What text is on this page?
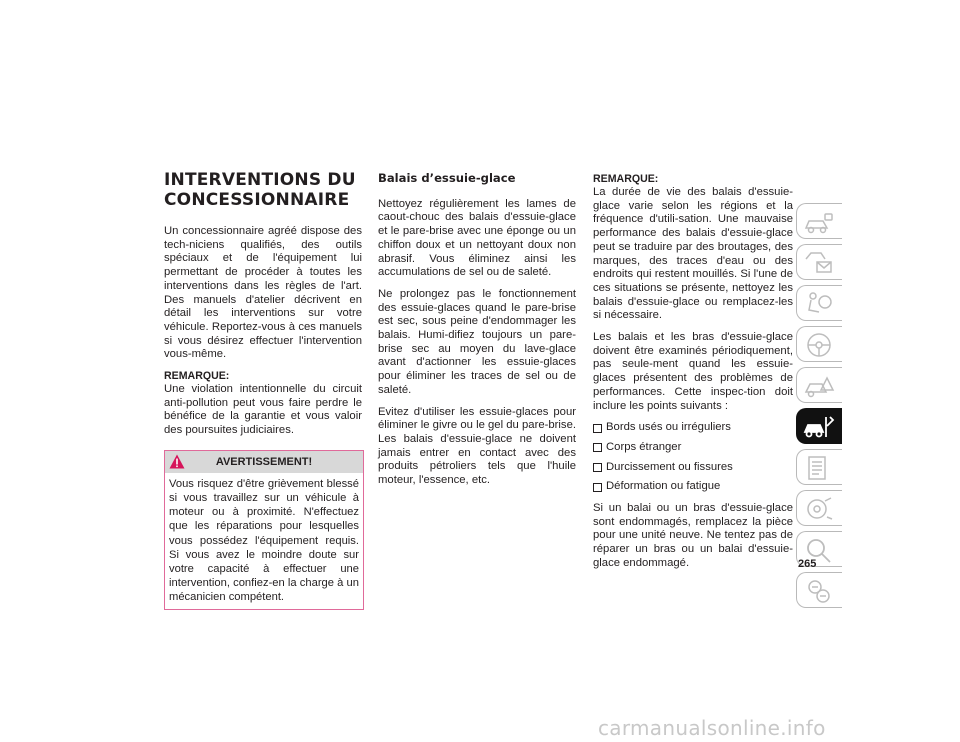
INTERVENTIONS DU CONCESSIONNAIRE

Un concessionnaire agréé dispose des tech-niciens qualifiés, des outils spéciaux et de l'équipement lui permettant de procéder à toutes les interventions dans les règles de l'art. Des manuels d'atelier décrivent en détail les interventions sur votre véhicule. Reportez-vous à ces manuels si vous désirez effectuer l'intervention vous-même.

REMARQUE:
Une violation intentionnelle du circuit anti-pollution peut vous faire perdre le bénéfice de la garantie et vous valoir des poursuites judiciaires.
AVERTISSEMENT!
Vous risquez d'être grièvement blessé si vous travaillez sur un véhicule à moteur ou à proximité. N'effectuez que les réparations pour lesquelles vous possédez l'équipement requis. Si vous avez le moindre doute sur votre capacité à effectuer une intervention, confiez-en la charge à un mécanicien compétent.
Balais d’essuie-glace

Nettoyez régulièrement les lames de caout-chouc des balais d'essuie-glace et le pare-brise avec une éponge ou un chiffon doux et un nettoyant doux non abrasif. Vous éliminez ainsi les accumulations de sel ou de saleté.

Ne prolongez pas le fonctionnement des essuie-glaces quand le pare-brise est sec, sous peine d'endommager les balais. Humi-difiez toujours un pare-brise sec au moyen du lave-glace avant d'actionner les essuie-glaces pour éliminer les traces de sel ou de saleté.

Evitez d'utiliser les essuie-glaces pour éliminer le givre ou le gel du pare-brise. Les balais d'essuie-glace ne doivent jamais entrer en contact avec des produits pétroliers tels que l'huile moteur, l'essence, etc.

REMARQUE:

La durée de vie des balais d'essuie-glace varie selon les régions et la fréquence d'utili-sation. Une mauvaise performance des balais d'essuie-glace peut se traduire par des broutages, des marques, des traces d'eau ou des endroits qui restent mouillés. Si l'une de ces situations se présente, nettoyez les balais d'essuie-glace ou remplacez-les si nécessaire.

Les balais et les bras d'essuie-glace doivent être examinés périodiquement, pas seule-ment quand les essuie-glaces présentent des problèmes de performances. Cette inspec-tion doit inclure les points suivants :

Bords usés ou irréguliers
Corps étranger
Durcissement ou fissures
Déformation ou fatigue

Si un balai ou un bras d'essuie-glace sont endommagés, remplacez la pièce pour une unité neuve. Ne tentez pas de réparer un bras ou un balai d'essuie-glace endommagé.	265
carmanualsonline.info
